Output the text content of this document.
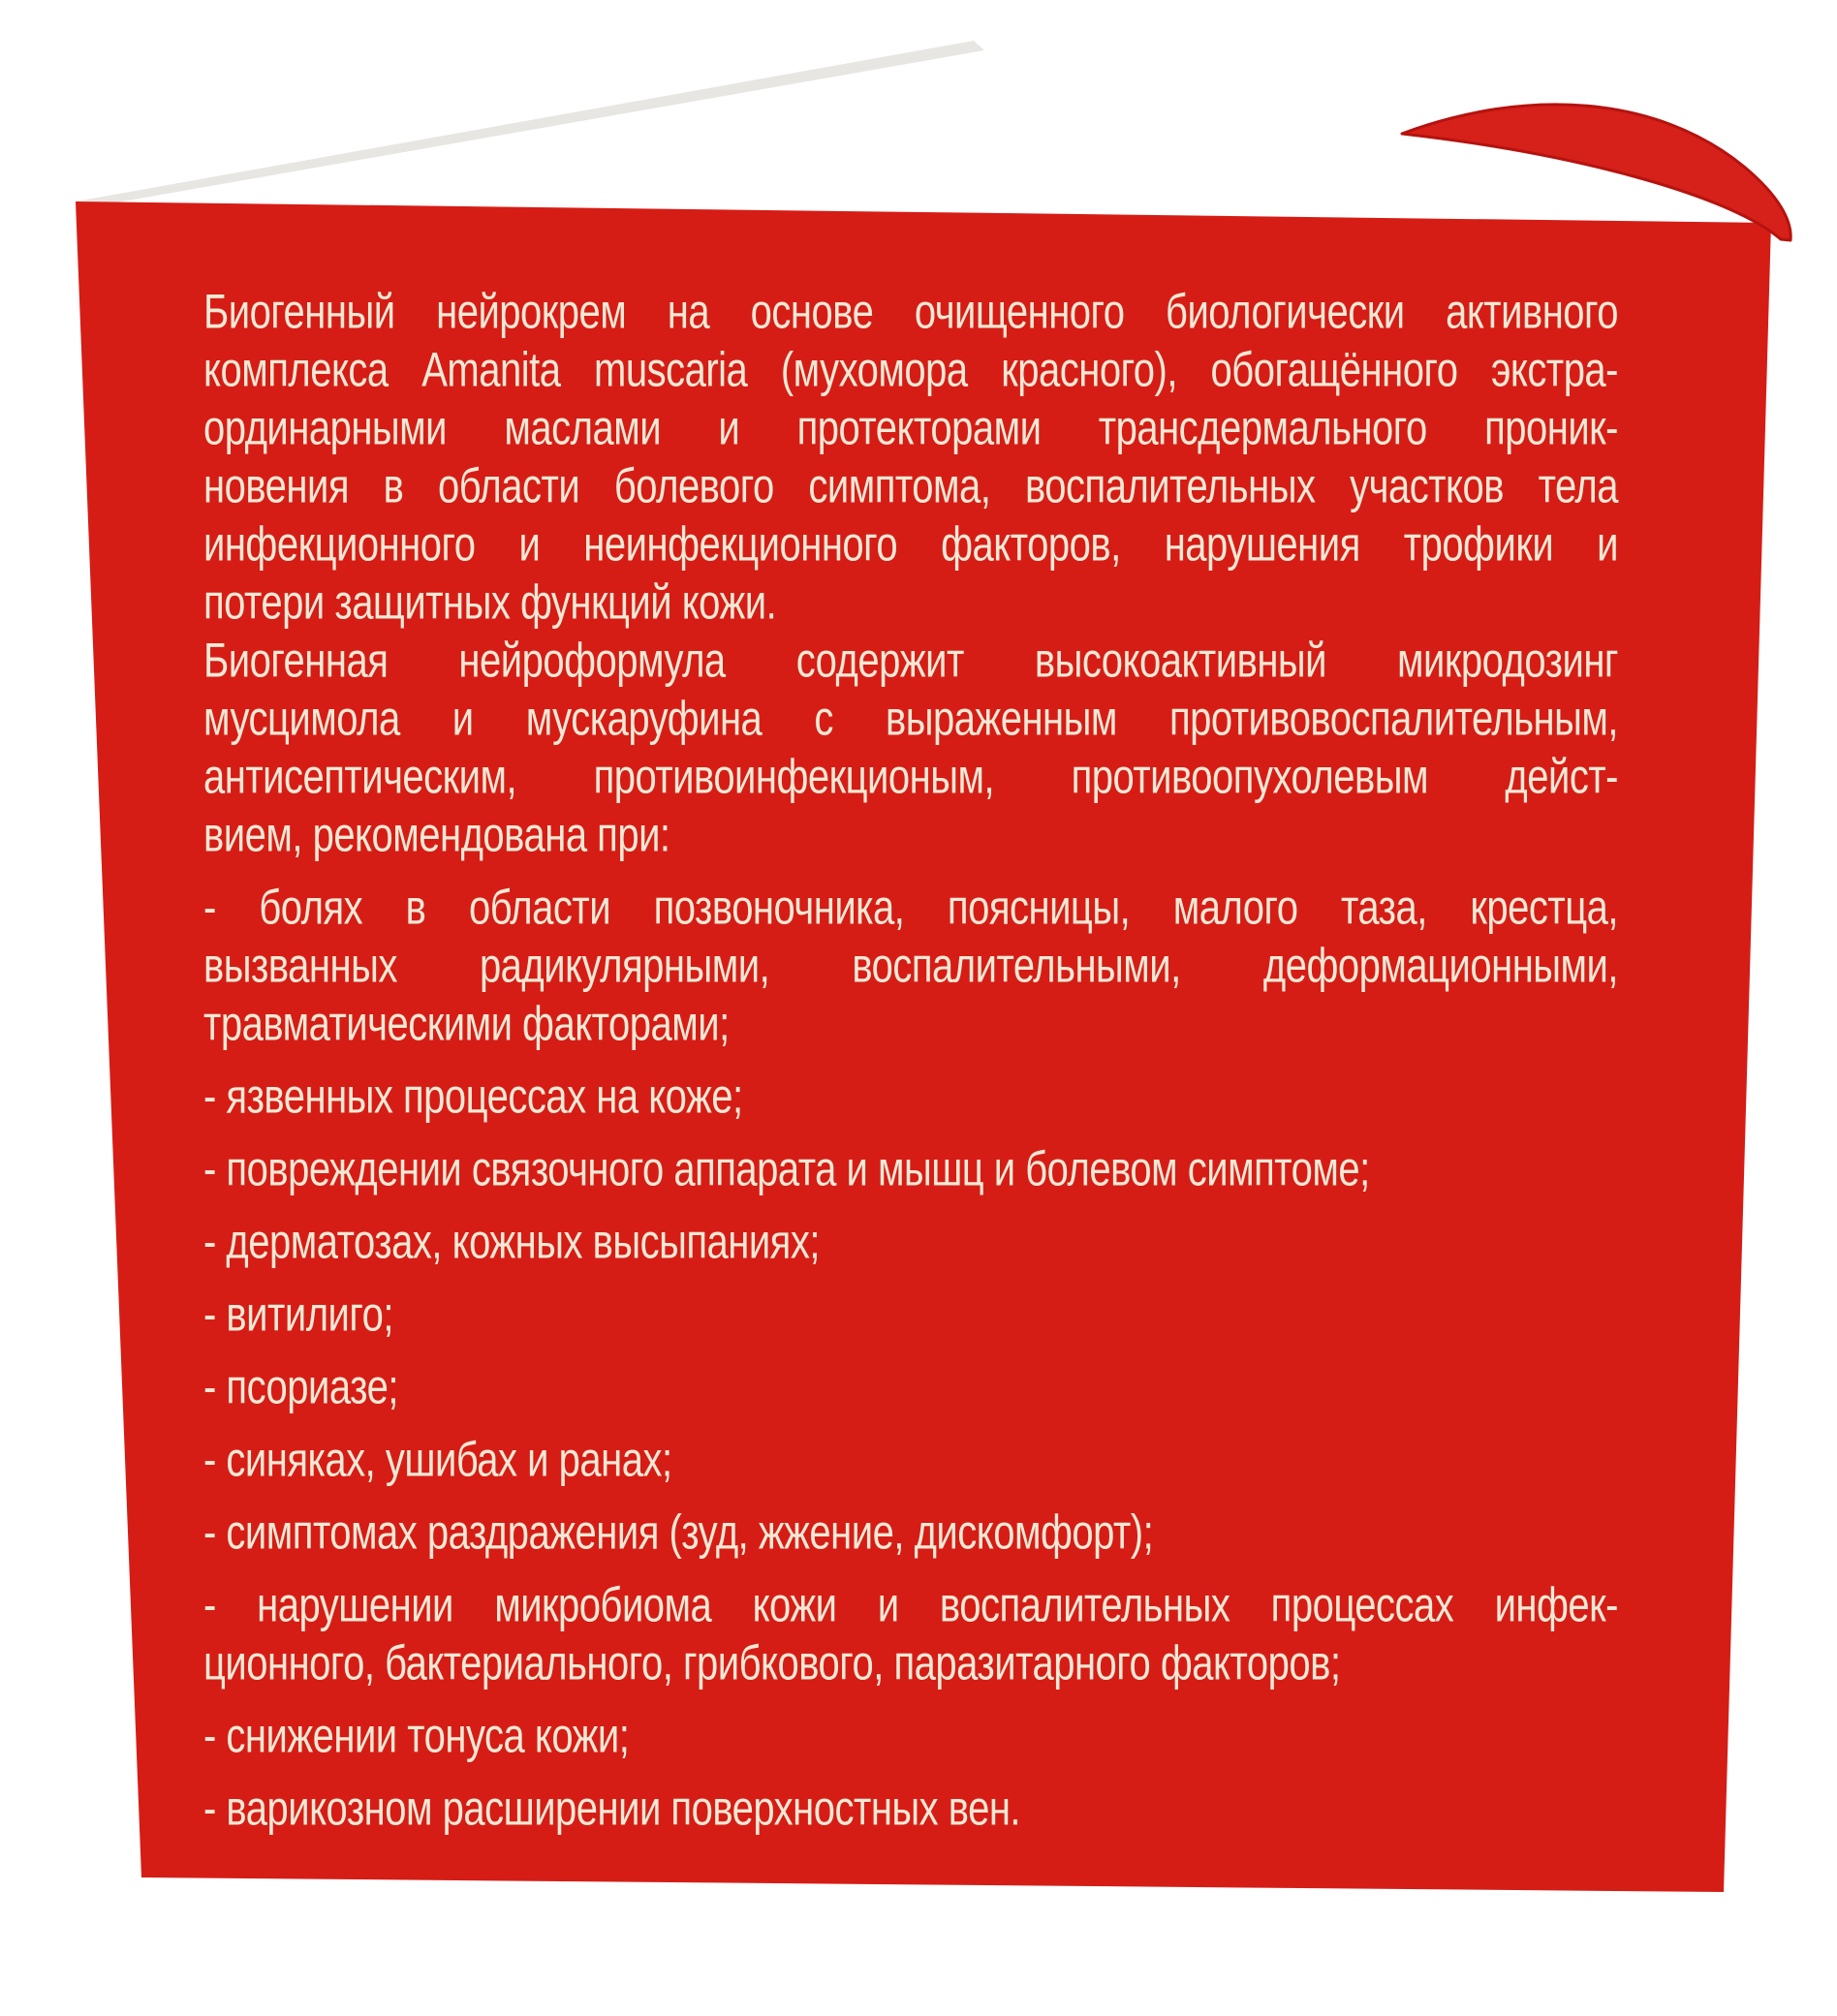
Биогенный нейрокрем на основе очищенного биологически активного
комплекса Amanita muscaria (мухомора красного), обогащённого экстра-
ординарными маслами и протекторами трансдермального проник-
новения в области болевого симптома, воспалительных участков тела
инфекционного и неинфекционного факторов, нарушения трофики и
потери защитных функций кожи.
Биогенная нейроформула содержит высокоактивный микродозинг
мусцимола и мускаруфина с выраженным противовоспалительным,
антисептическим, противоинфекционым, противоопухолевым дейст-
вием, рекомендована при:
- болях в области позвоночника, поясницы, малого таза, крестца,
вызванных радикулярными, воспалительными, деформационными,
травматическими факторами;
- язвенных процессах на коже;
- повреждении связочного аппарата и мышц и болевом симптоме;
- дерматозах, кожных высыпаниях;
- витилиго;
- псориазе;
- синяках, ушибах и ранах;
- симптомах раздражения (зуд, жжение, дискомфорт);
- нарушении микробиома кожи и воспалительных процессах инфек-
ционного, бактериального, грибкового, паразитарного факторов;
- снижении тонуса кожи;
- варикозном расширении поверхностных вен.
